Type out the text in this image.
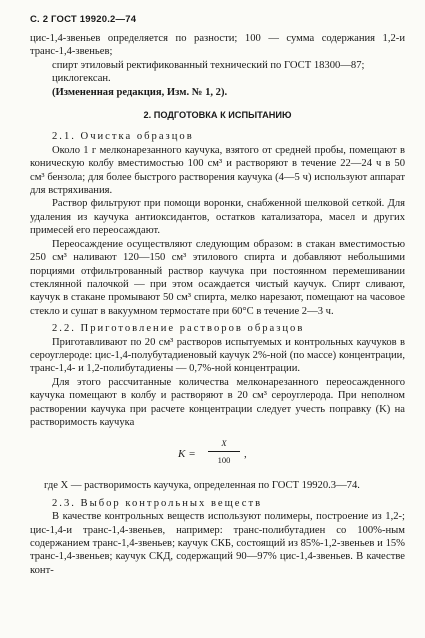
С. 2 ГОСТ 19920.2—74

цис-1,4-звеньев определяется по разности; 100 — сумма содержания 1,2-и транс-1,4-звеньев;

спирт этиловый ректификованный технический по ГОСТ 18300—87;

циклогексан.

(Измененная редакция, Изм. № 1, 2).

2. ПОДГОТОВКА К ИСПЫТАНИЮ

2.1. Очистка образцов

Около 1 г мелконарезанного каучука, взятого от средней пробы, помещают в коническую колбу вместимостью 100 см³ и растворяют в течение 22—24 ч в 50 см³ бензола; для более быстрого растворения каучука (4—5 ч) используют аппарат для встряхивания.

Раствор фильтруют при помощи воронки, снабженной шелковой сеткой. Для удаления из каучука антиоксидантов, остатков катализатора, масел и других примесей его переосаждают.

Переосаждение осуществляют следующим образом: в стакан вместимостью 250 см³ наливают 120—150 см³ этилового спирта и добавляют небольшими порциями отфильтрованный раствор каучука при постоянном перемешивании стеклянной палочкой — при этом осаждается чистый каучук. Спирт сливают, каучук в стакане промывают 50 см³ спирта, мелко нарезают, помещают на часовое стекло и сушат в вакуумном термостате при 60°С в течение 2—3 ч.

2.2. Приготовление растворов образцов

Приготавливают по 20 см³ растворов испытуемых и контрольных каучуков в сероуглероде: цис-1,4-полубутадиеновый каучук 2%-ной (по массе) концентрации, транс-1,4- и 1,2-полибутадиены — 0,7%-ной концентрации.

Для этого рассчитанные количества мелконарезанного переосажденного каучука помещают в колбу и растворяют в 20 см³ сероуглерода. При неполном растворении каучука при расчете концентрации следует учесть поправку (K) на растворимость каучука

K =
X
100	,

где X — растворимость каучука, определенная по ГОСТ 19920.3—74.

2.3. Выбор контрольных веществ

В качестве контрольных веществ используют полимеры, построение из 1,2-; цис-1,4-и транс-1,4-звеньев, например: транс-полибутадиен со 100%-ным содержанием транс-1,4-звеньев; каучук СКБ, состоящий из 85%-1,2-звеньев и 15% транс-1,4-звеньев; каучук СКД, содержащий 90—97% цис-1,4-звеньев. В качестве конт-
